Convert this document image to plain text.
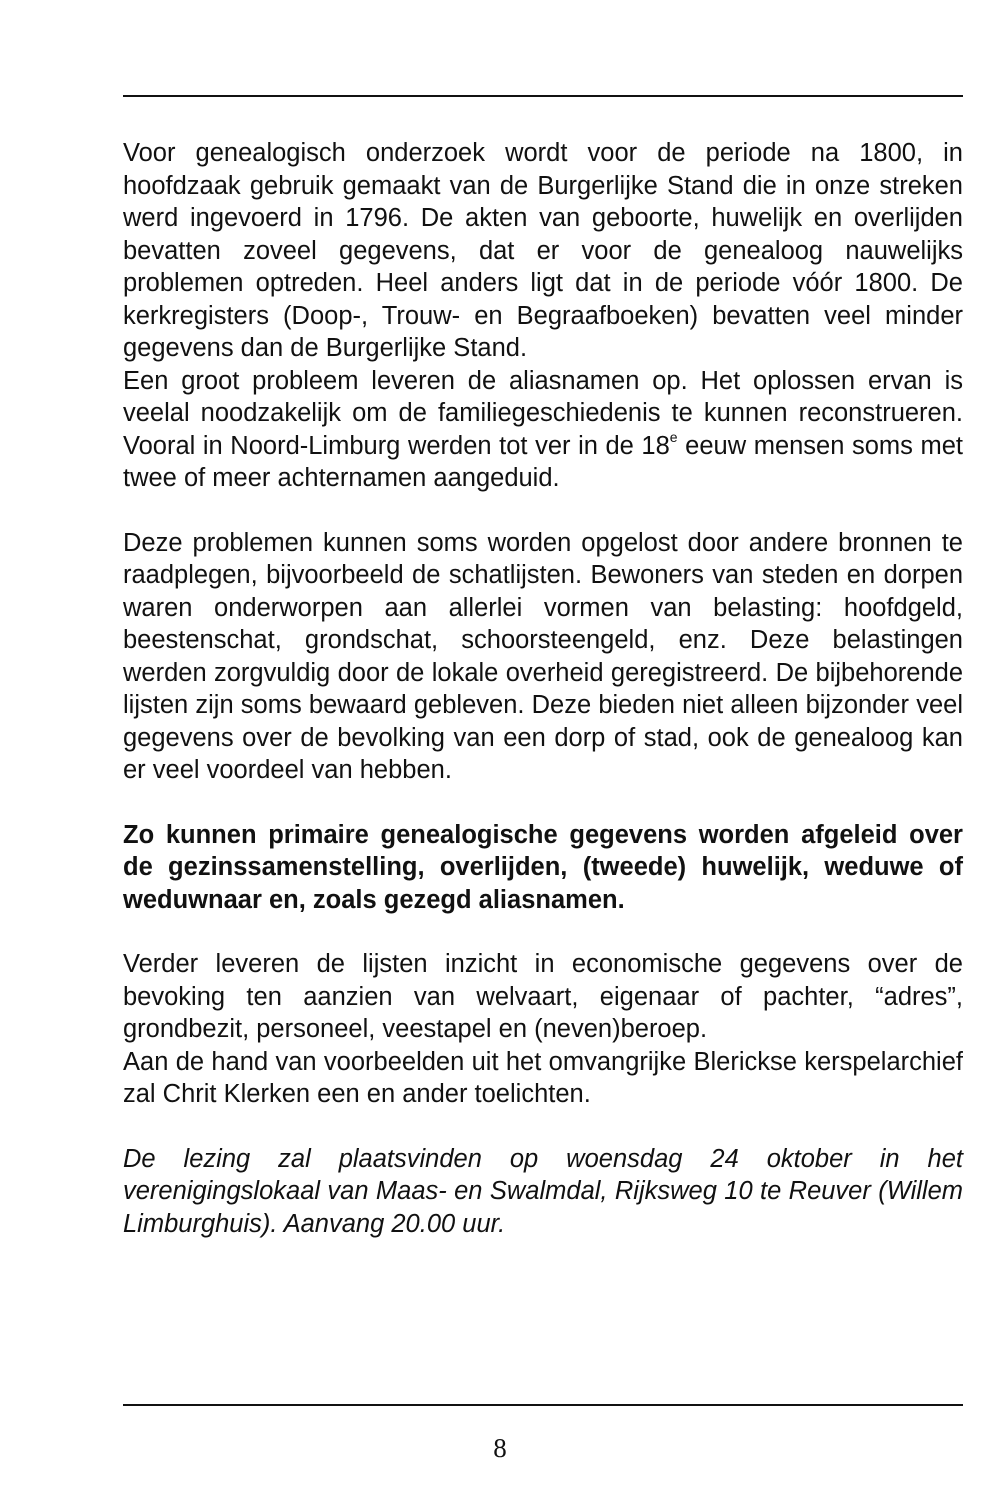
Voor genealogisch onderzoek wordt voor de periode na 1800, in hoofdzaak gebruik gemaakt van de Burgerlijke Stand die in onze streken werd ingevoerd in 1796. De akten van geboorte, huwelijk en overlijden bevatten zoveel gegevens, dat er voor de genealoog nauwelijks problemen optreden. Heel anders ligt dat in de periode vóór 1800. De kerkregisters (Doop-, Trouw- en Begraafboeken) bevatten veel minder gegevens dan de Burgerlijke Stand.

Een groot probleem leveren de aliasnamen op. Het oplossen ervan is veelal noodzakelijk om de familiegeschiedenis te kunnen reconstrueren. Vooral in Noord-Limburg werden tot ver in de 18e eeuw mensen soms met twee of meer achternamen aangeduid.

Deze problemen kunnen soms worden opgelost door andere bronnen te raadplegen, bijvoorbeeld de schatlijsten. Bewoners van steden en dorpen waren onderworpen aan allerlei vormen van belasting: hoofdgeld, beestenschat, grondschat, schoorsteengeld, enz. Deze belastingen werden zorgvuldig door de lokale overheid geregistreerd. De bijbehorende lijsten zijn soms bewaard gebleven. Deze bieden niet alleen bijzonder veel gegevens over de bevolking van een dorp of stad, ook de genealoog kan er veel voordeel van hebben.

Zo kunnen primaire genealogische gegevens worden afgeleid over de gezinssamenstelling, overlijden, (tweede) huwelijk, weduwe of weduwnaar en, zoals gezegd aliasnamen.

Verder leveren de lijsten inzicht in economische gegevens over de bevoking ten aanzien van welvaart, eigenaar of pachter, “adres”, grondbezit, personeel, veestapel en (neven)beroep.

Aan de hand van voorbeelden uit het omvangrijke Blerickse kerspelarchief zal Chrit Klerken een en ander toelichten.

De lezing zal plaatsvinden op woensdag 24 oktober in het verenigingslokaal van Maas- en Swalmdal, Rijksweg 10 te Reuver (Willem Limburghuis). Aanvang 20.00 uur.

8
